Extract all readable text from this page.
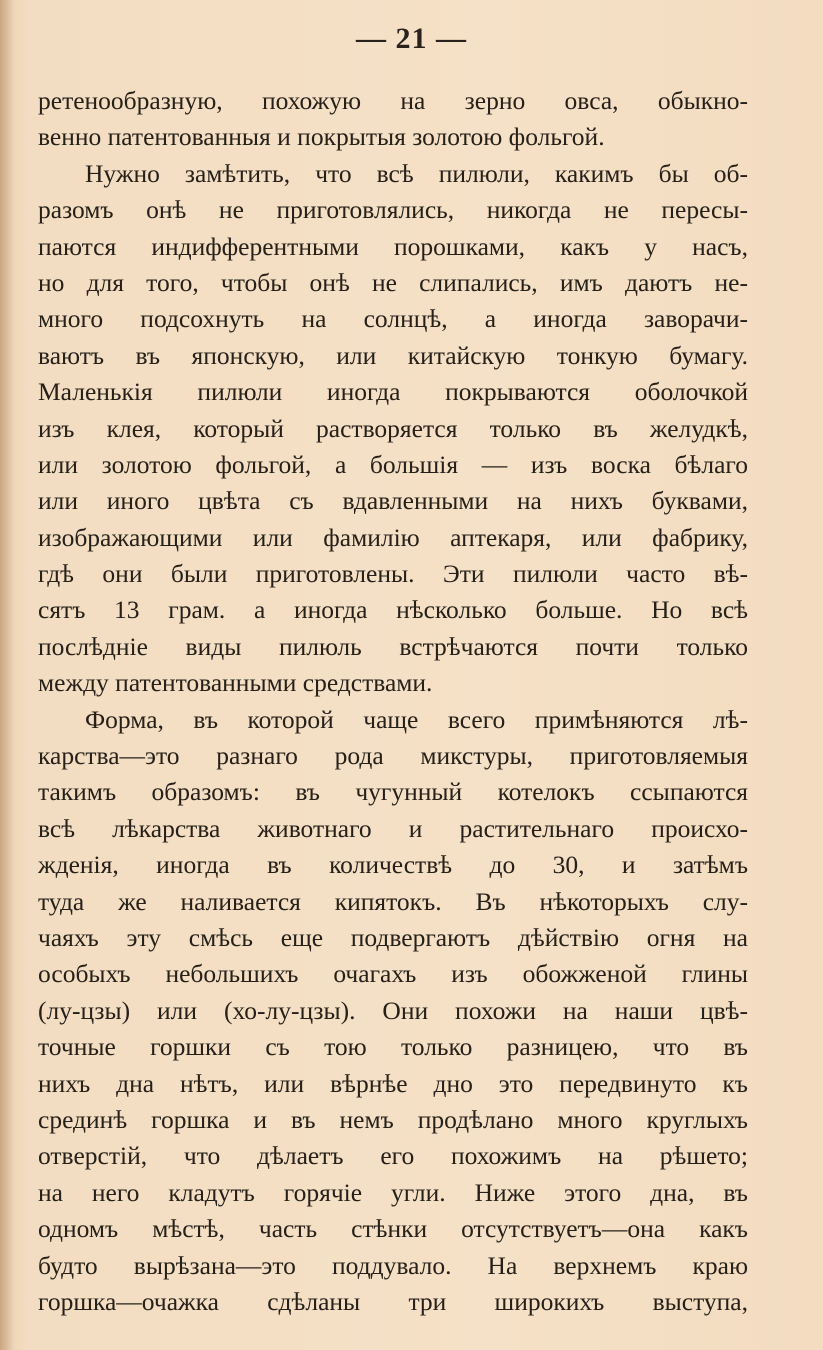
— 21 —
ретенообразную, похожую на зерно овса, обыкно-
венно патентованныя и покрытыя золотою фольгой.
Нужно замѣтить, что всѣ пилюли, какимъ бы об-
разомъ онѣ не приготовлялись, никогда не пересы-
паются индифферентными порошками, какъ у насъ,
но для того, чтобы онѣ не слипались, имъ даютъ не-
много подсохнуть на солнцѣ, а иногда заворачи-
ваютъ въ японскую, или китайскую тонкую бумагу.
Маленькія пилюли иногда покрываются оболочкой
изъ клея, который растворяется только въ желудкѣ,
или золотою фольгой, а большія — изъ воска бѣлаго
или иного цвѣта съ вдавленными на нихъ буквами,
изображающими или фамилію аптекаря, или фабрику,
гдѣ они были приготовлены. Эти пилюли часто вѣ-
сятъ 13 грам. а иногда нѣсколько больше. Но всѣ
послѣдніе виды пилюль встрѣчаются почти только
между патентованными средствами.
Форма, въ которой чаще всего примѣняются лѣ-
карства—это разнаго рода микстуры, приготовляемыя
такимъ образомъ: въ чугунный котелокъ ссыпаются
всѣ лѣкарства животнаго и растительнаго происхо-
жденія, иногда въ количествѣ до 30, и затѣмъ
туда же наливается кипятокъ. Въ нѣкоторыхъ слу-
чаяхъ эту смѣсь еще подвергаютъ дѣйствію огня на
особыхъ небольшихъ очагахъ изъ обожженой глины
(лу-цзы) или (хо-лу-цзы). Они похожи на наши цвѣ-
точные горшки съ тою только разницею, что въ
нихъ дна нѣтъ, или вѣрнѣе дно это передвинуто къ
срединѣ горшка и въ немъ продѣлано много круглыхъ
отверстій, что дѣлаетъ его похожимъ на рѣшето;
на него кладутъ горячіе угли. Ниже этого дна, въ
одномъ мѣстѣ, часть стѣнки отсутствуетъ—она какъ
будто вырѣзана—это поддувало. На верхнемъ краю
горшка—очажка сдѣланы три широкихъ выступа,
